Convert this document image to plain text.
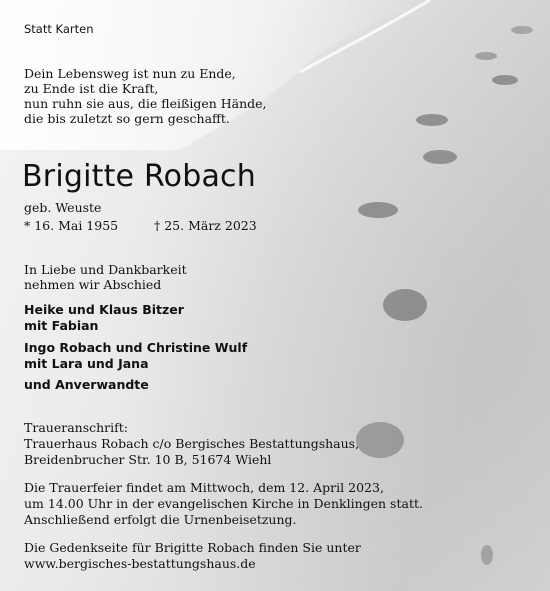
Statt Karten
Dein Lebensweg ist nun zu Ende,
zu Ende ist die Kraft,
nun ruhn sie aus, die fleißigen Hände,
die bis zuletzt so gern geschafft.
Brigitte Robach
geb. Weuste
* 16. Mai 1955	† 25. März 2023
In Liebe und Dankbarkeit
nehmen wir Abschied
Heike und Klaus Bitzer
mit Fabian
Ingo Robach und Christine Wulf
mit Lara und Jana
und Anverwandte
Traueranschrift:
Trauerhaus Robach c/o Bergisches Bestattungshaus,
Breidenbrucher Str. 10 B, 51674 Wiehl
Die Trauerfeier findet am Mittwoch, dem 12. April 2023,
um 14.00 Uhr in der evangelischen Kirche in Denklingen statt.
Anschließend erfolgt die Urnenbeisetzung.
Die Gedenkseite für Brigitte Robach finden Sie unter
www.bergisches-bestattungshaus.de
